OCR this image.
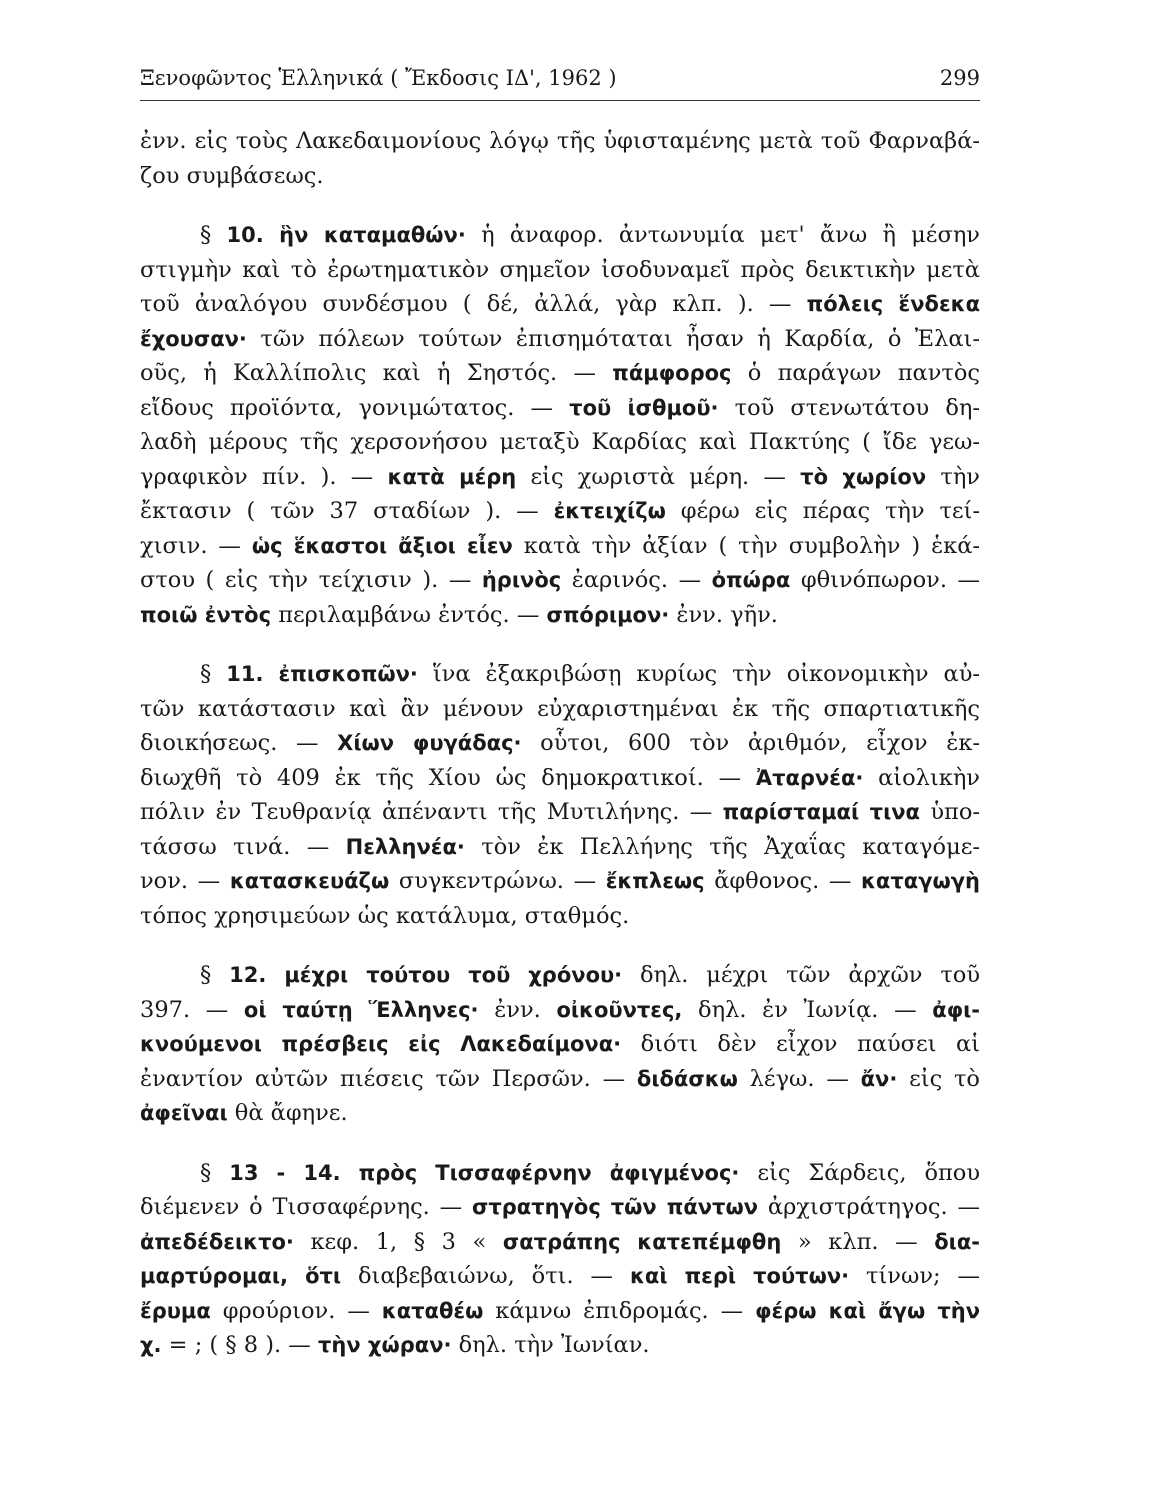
Ξενοφῶντος Ἑλληνικά ( Ἔκδοσις ΙΔ', 1962 )	299
ἐνν. εἰς τοὺς Λακεδαιμονίους λόγῳ τῆς ὑφισταμένης μετὰ τοῦ Φαρναβά-
ζου συμβάσεως.
§ 10. ἣν καταμαθών· ἡ ἀναφορ. ἀντωνυμία μετ' ἄνω ἢ μέσην
στιγμὴν καὶ τὸ ἐρωτηματικὸν σημεῖον ἰσοδυναμεῖ πρὸς δεικτικὴν μετὰ
τοῦ ἀναλόγου συνδέσμου ( δέ, ἀλλά, γὰρ κλπ. ). — πόλεις ἕνδεκα
ἔχουσαν· τῶν πόλεων τούτων ἐπισημόταται ἦσαν ἡ Καρδία, ὁ Ἐλαι-
οῦς, ἡ Καλλίπολις καὶ ἡ Σηστός. — πάμφορος ὁ παράγων παντὸς
εἴδους προϊόντα, γονιμώτατος. — τοῦ ἰσθμοῦ· τοῦ στενωτάτου δη-
λαδὴ μέρους τῆς χερσονήσου μεταξὺ Καρδίας καὶ Πακτύης ( ἴδε γεω-
γραφικὸν πίν. ). — κατὰ μέρη εἰς χωριστὰ μέρη. — τὸ χωρίον τὴν
ἔκτασιν ( τῶν 37 σταδίων ). — ἐκτειχίζω φέρω εἰς πέρας τὴν τεί-
χισιν. — ὡς ἕκαστοι ἄξιοι εἶεν κατὰ τὴν ἀξίαν ( τὴν συμβολὴν ) ἑκά-
στου ( εἰς τὴν τείχισιν ). — ἠρινὸς ἐαρινός. — ὀπώρα φθινόπωρον. —
ποιῶ ἐντὸς περιλαμβάνω ἐντός. — σπόριμον· ἐνν. γῆν.
§ 11. ἐπισκοπῶν· ἵνα ἐξακριβώσῃ κυρίως τὴν οἰκονομικὴν αὐ-
τῶν κατάστασιν καὶ ἂν μένουν εὐχαριστημέναι ἐκ τῆς σπαρτιατικῆς
διοικήσεως. — Χίων φυγάδας· οὗτοι, 600 τὸν ἀριθμόν, εἶχον ἐκ-
διωχθῆ τὸ 409 ἐκ τῆς Χίου ὡς δημοκρατικοί. — Ἀταρνέα· αἰολικὴν
πόλιν ἐν Τευθρανίᾳ ἀπέναντι τῆς Μυτιλήνης. — παρίσταμαί τινα ὑπο-
τάσσω τινά. — Πελληνέα· τὸν ἐκ Πελλήνης τῆς Ἀχαΐας καταγόμε-
νον. — κατασκευάζω συγκεντρώνω. — ἔκπλεως ἄφθονος. — καταγωγὴ
τόπος χρησιμεύων ὡς κατάλυμα, σταθμός.
§ 12. μέχρι τούτου τοῦ χρόνου· δηλ. μέχρι τῶν ἀρχῶν τοῦ
397. — οἱ ταύτῃ Ἕλληνες· ἐνν. οἰκοῦντες, δηλ. ἐν Ἰωνίᾳ. — ἀφι-
κνούμενοι πρέσβεις εἰς Λακεδαίμονα· διότι δὲν εἶχον παύσει αἱ
ἐναντίον αὐτῶν πιέσεις τῶν Περσῶν. — διδάσκω λέγω. — ἄν· εἰς τὸ
ἀφεῖναι θὰ ἄφηνε.
§ 13 - 14. πρὸς Τισσαφέρνην ἀφιγμένος· εἰς Σάρδεις, ὅπου
διέμενεν ὁ Τισσαφέρνης. — στρατηγὸς τῶν πάντων ἀρχιστράτηγος. —
ἀπεδέδεικτο· κεφ. 1, § 3 « σατράπης κατεπέμφθη » κλπ. — δια-
μαρτύρομαι, ὅτι διαβεβαιώνω, ὅτι. — καὶ περὶ τούτων· τίνων; —
ἔρυμα φρούριον. — καταθέω κάμνω ἐπιδρομάς. — φέρω καὶ ἄγω τὴν
χ. = ; ( § 8 ). — τὴν χώραν· δηλ. τὴν Ἰωνίαν.
